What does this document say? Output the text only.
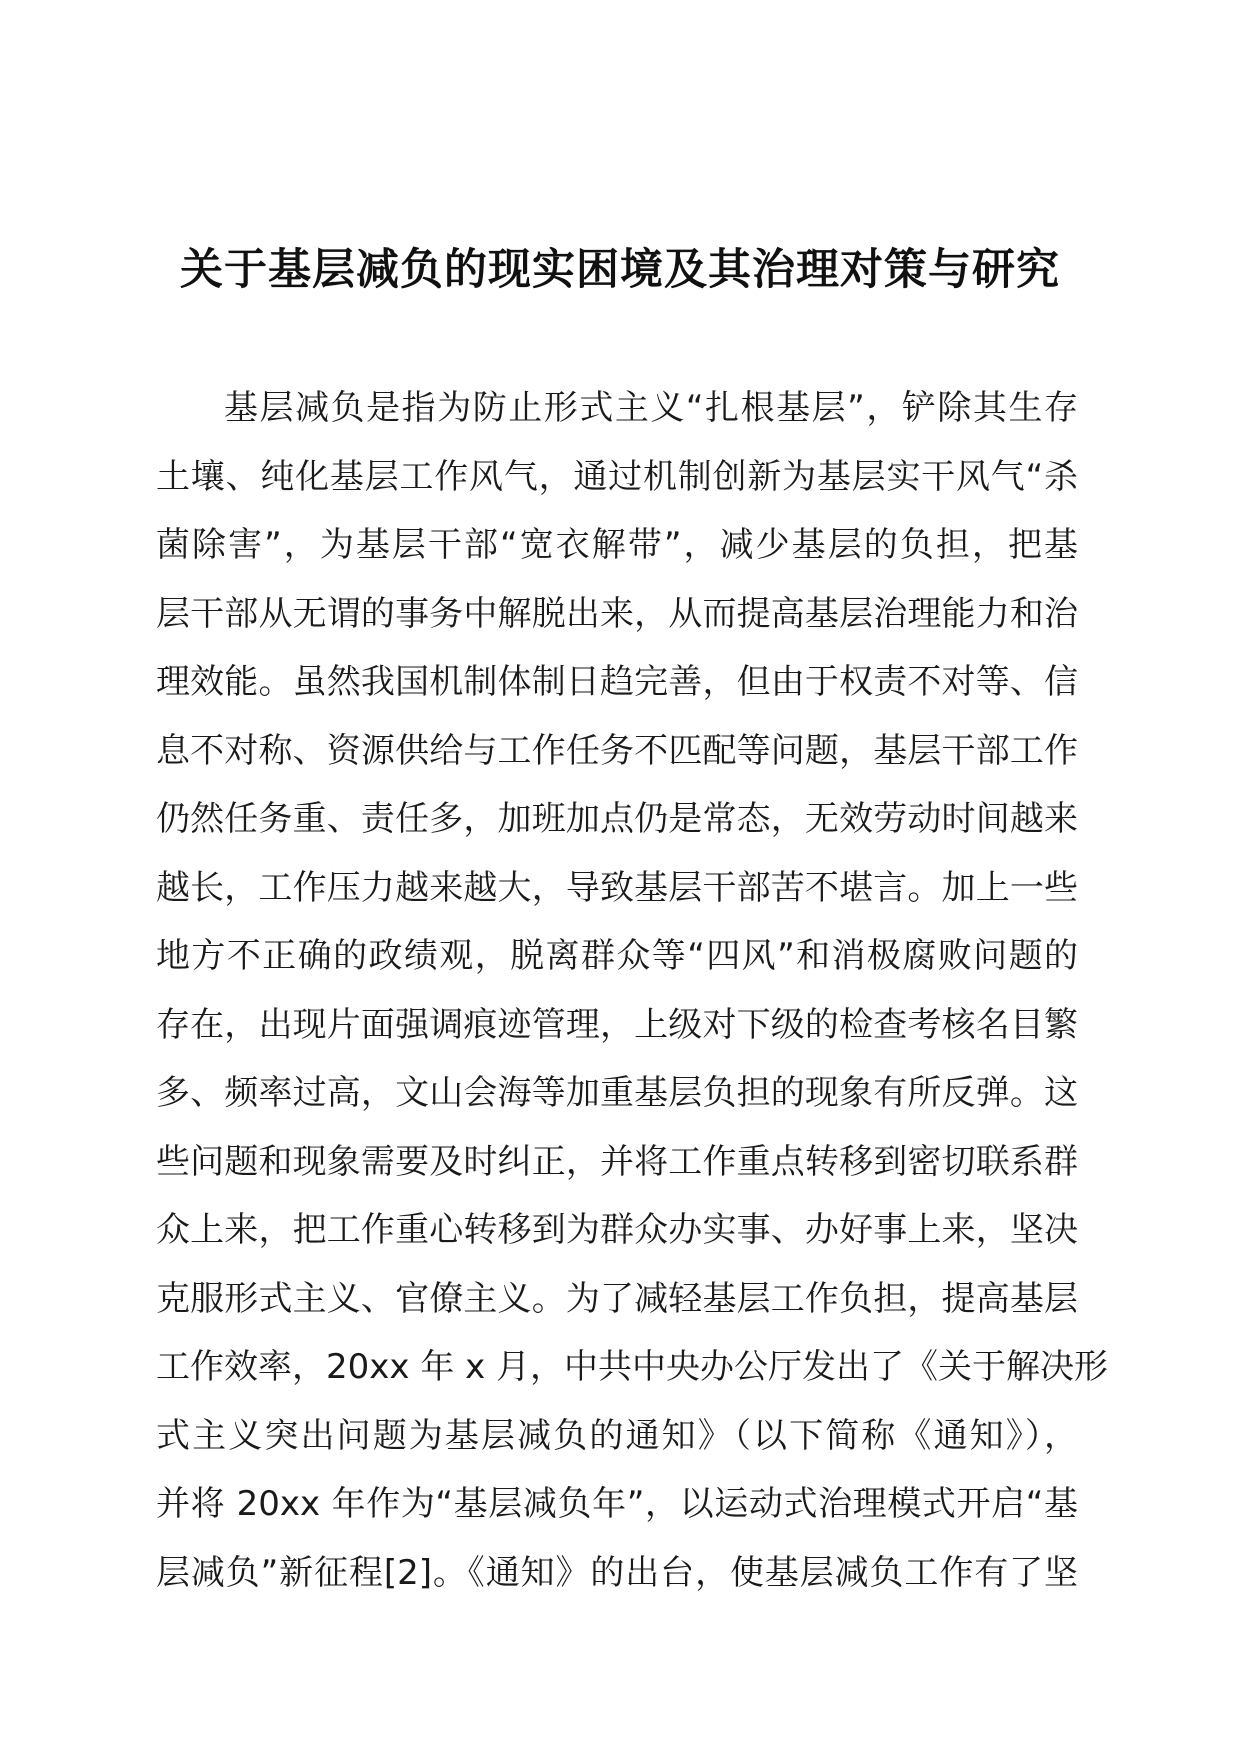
关于基层减负的现实困境及其治理对策与研究
基层减负是指为防止形式主义“扎根基层”，铲除其生存
土壤、纯化基层工作风气，通过机制创新为基层实干风气“杀
菌除害”，为基层干部“宽衣解带”，减少基层的负担，把基
层干部从无谓的事务中解脱出来，从而提高基层治理能力和治
理效能。虽然我国机制体制日趋完善，但由于权责不对等、信
息不对称、资源供给与工作任务不匹配等问题，基层干部工作
仍然任务重、责任多，加班加点仍是常态，无效劳动时间越来
越长，工作压力越来越大，导致基层干部苦不堪言。加上一些
地方不正确的政绩观，脱离群众等“四风”和消极腐败问题的
存在，出现片面强调痕迹管理，上级对下级的检查考核名目繁
多、频率过高，文山会海等加重基层负担的现象有所反弹。这
些问题和现象需要及时纠正，并将工作重点转移到密切联系群
众上来，把工作重心转移到为群众办实事、办好事上来，坚决
克服形式主义、官僚主义。为了减轻基层工作负担，提高基层
工作效率，20xx 年 x 月，中共中央办公厅发出了《关于解决形
式主义突出问题为基层减负的通知》（以下简称《通知》），
并将 20xx 年作为“基层减负年”，以运动式治理模式开启“基
层减负”新征程[2]。《通知》的出台，使基层减负工作有了坚
